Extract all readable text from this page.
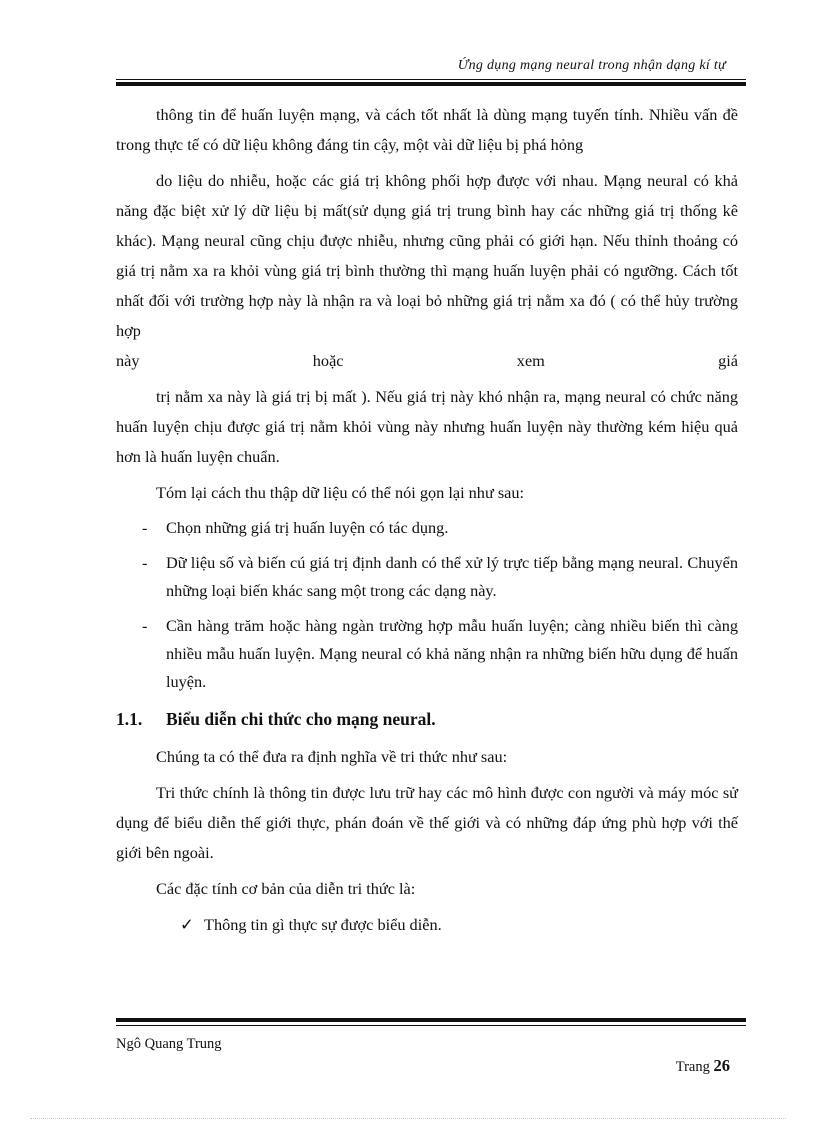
Ứng dụng mạng neural trong nhận dạng kí tự

thông tin để huấn luyện mạng, và cách tốt nhất là dùng mạng tuyến tính. Nhiều vấn đề trong thực tế có dữ liệu không đáng tin cậy, một vài dữ liệu bị phá hỏng

do liệu do nhiễu, hoặc các giá trị không phối hợp được với nhau. Mạng neural có khả năng đặc biệt xử lý dữ liệu bị mất(sử dụng giá trị trung bình hay các những giá trị thống kê khác). Mạng neural cũng chịu được nhiễu, nhưng cũng phải có giới hạn. Nếu thỉnh thoảng có giá trị nằm xa ra khỏi vùng giá trị bình thường thì mạng huấn luyện phải có ngưỡng. Cách tốt nhất đối với trường hợp này là nhận ra và loại bỏ những giá trị nằm xa đó ( có thể hủy trường hợp

này hoặc xem giá

trị nằm xa này là giá trị bị mất ). Nếu giá trị này khó nhận ra, mạng neural có chức năng huấn luyện chịu được giá trị nằm khỏi vùng này nhưng huấn luyện này thường kém hiệu quả hơn là huấn luyện chuẩn.

Tóm lại cách thu thập dữ liệu có thể nói gọn lại như sau:

- Chọn những giá trị huấn luyện có tác dụng.

- Dữ liệu số và biến cú giá trị định danh có thể xử lý trực tiếp bằng mạng neural. Chuyển những loại biến khác sang một trong các dạng này.

- Cần hàng trăm hoặc hàng ngàn trường hợp mẫu huấn luyện; càng nhiều biến thì càng nhiều mẫu huấn luyện. Mạng neural có khả năng nhận ra những biến hữu dụng để huấn luyện.

1.1. Biểu diễn chi thức cho mạng neural.

Chúng ta có thể đưa ra định nghĩa về tri thức như sau:

Tri thức chính là thông tin được lưu trữ hay các mô hình được con người và máy móc sử dụng để biểu diễn thế giới thực, phán đoán về thế giới và có những đáp ứng phù hợp với thế giới bên ngoài.

Các đặc tính cơ bản của diễn tri thức là:

✓ Thông tin gì thực sự được biểu diễn.

Ngô Quang Trung
Trang 26
